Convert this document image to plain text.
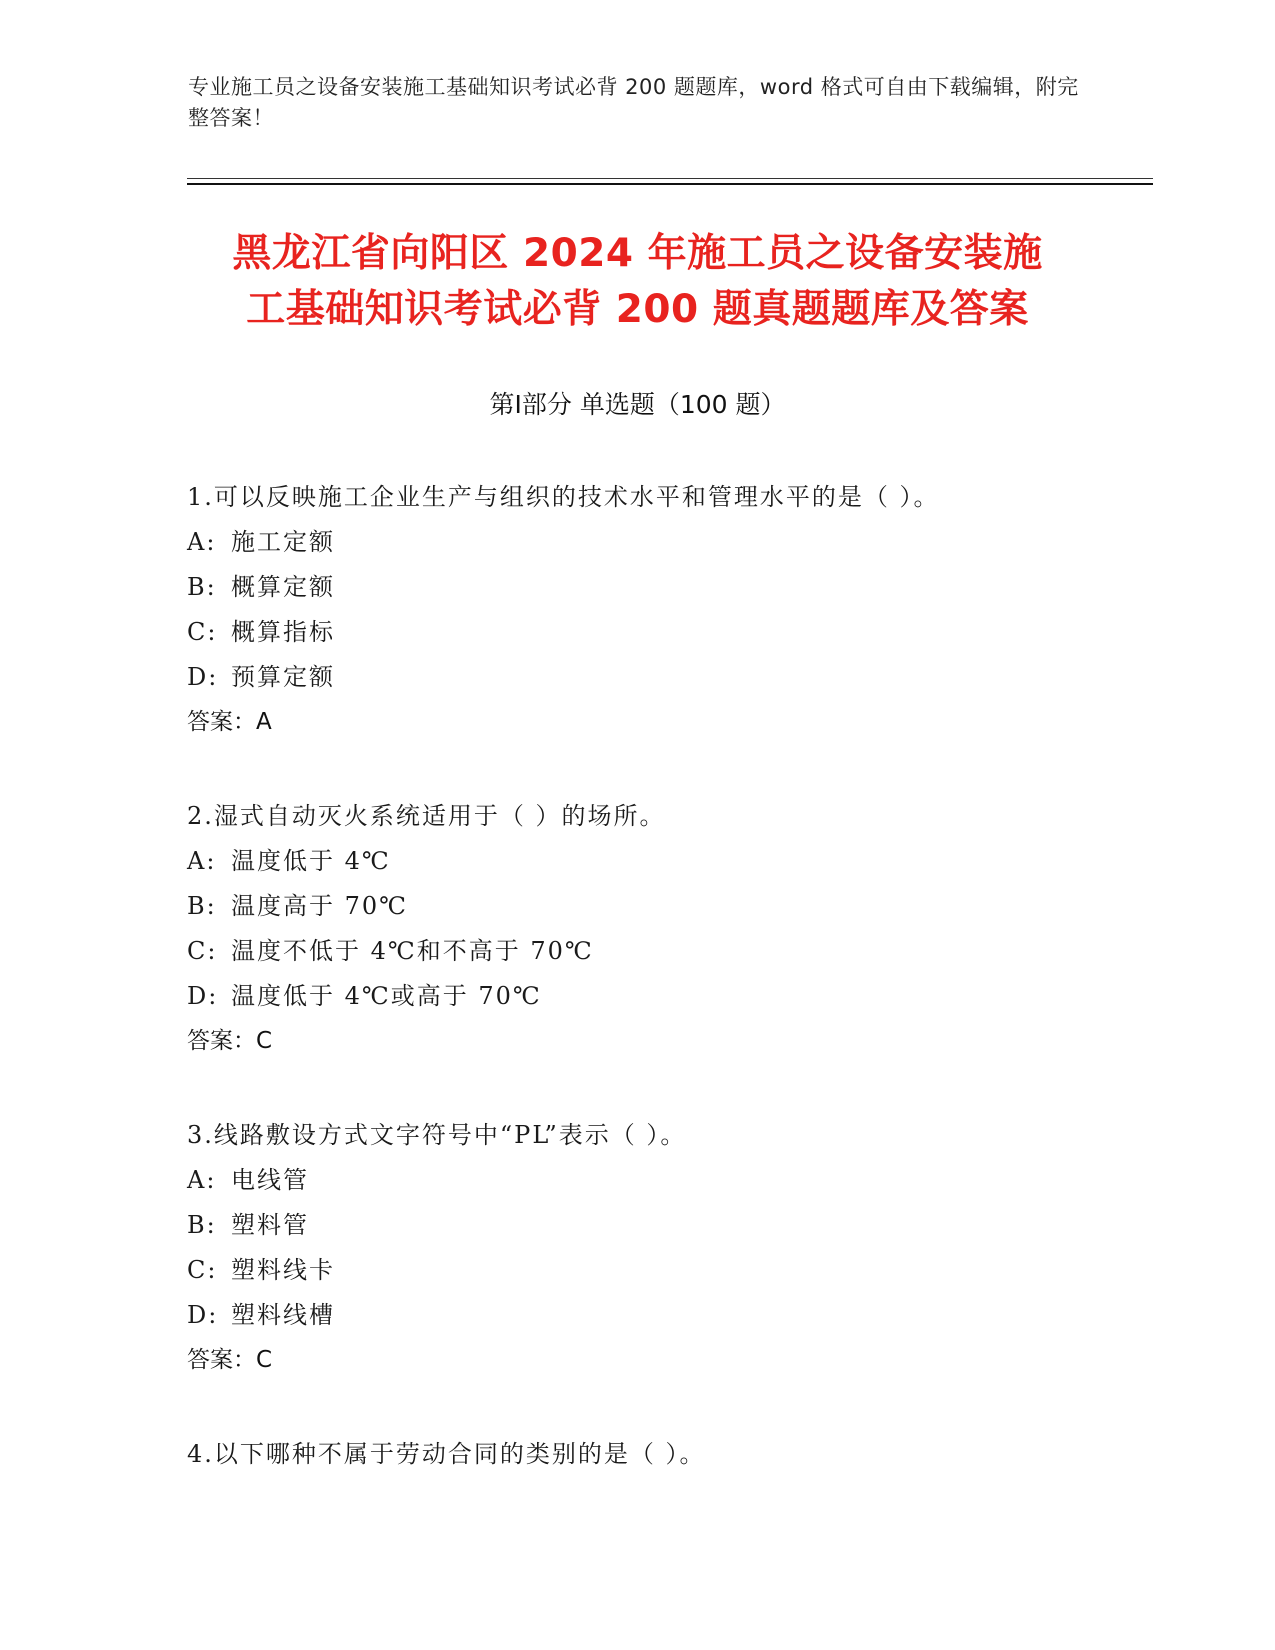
专业施工员之设备安装施工基础知识考试必背 200 题题库，word 格式可自由下载编辑，附完整答案！
黑龙江省向阳区 2024 年施工员之设备安装施
工基础知识考试必背 200 题真题题库及答案
第Ⅰ部分 单选题（100 题）
1.可以反映施工企业生产与组织的技术水平和管理水平的是（ ）。
A: 施工定额
B: 概算定额
C: 概算指标
D: 预算定额
答案：A
2.湿式自动灭火系统适用于（ ）的场所。
A: 温度低于 4℃
B: 温度高于 70℃
C: 温度不低于 4℃和不高于 70℃
D: 温度低于 4℃或高于 70℃
答案：C
3.线路敷设方式文字符号中“PL”表示（ ）。
A: 电线管
B: 塑料管
C: 塑料线卡
D: 塑料线槽
答案：C
4.以下哪种不属于劳动合同的类别的是（ ）。
